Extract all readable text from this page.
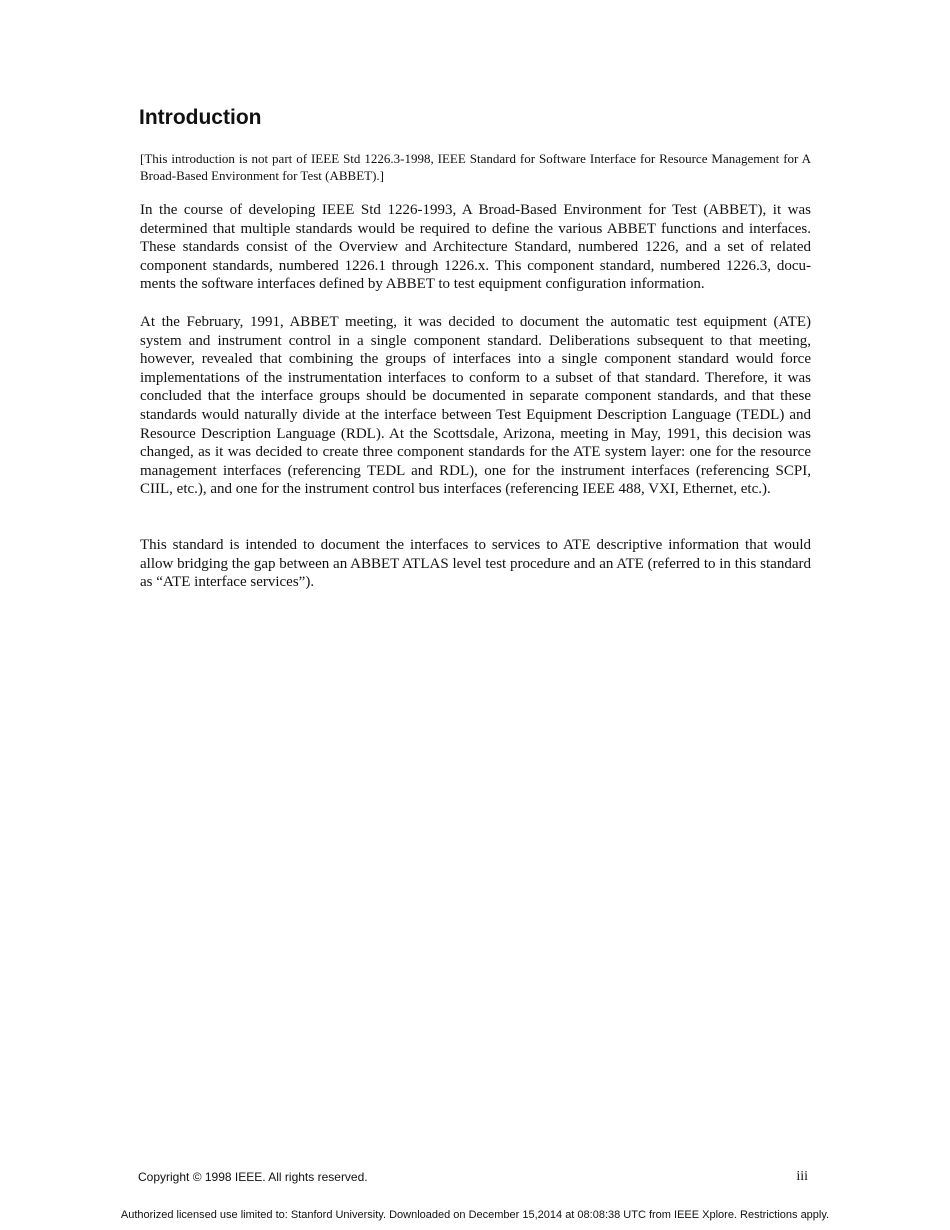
Introduction

[This introduction is not part of IEEE Std 1226.3-1998, IEEE Standard for Software Interface for Resource Management for A Broad-Based Environment for Test (ABBET).]

In the course of developing IEEE Std 1226-1993, A Broad-Based Environment for Test (ABBET), it was determined that multiple standards would be required to define the various ABBET functions and interfaces. These standards consist of the Overview and Architecture Standard, numbered 1226, and a set of related component standards, numbered 1226.1 through 1226.x. This component standard, numbered 1226.3, documents the software interfaces defined by ABBET to test equipment configuration information.

At the February, 1991, ABBET meeting, it was decided to document the automatic test equipment (ATE) system and instrument control in a single component standard. Deliberations subsequent to that meeting, however, revealed that combining the groups of interfaces into a single component standard would force implementations of the instrumentation interfaces to conform to a subset of that standard. Therefore, it was concluded that the interface groups should be documented in separate component standards, and that these standards would naturally divide at the interface between Test Equipment Description Language (TEDL) and Resource Description Language (RDL). At the Scottsdale, Arizona, meeting in May, 1991, this decision was changed, as it was decided to create three component standards for the ATE system layer: one for the resource management interfaces (referencing TEDL and RDL), one for the instrument interfaces (referencing SCPI, CIIL, etc.), and one for the instrument control bus interfaces (referencing IEEE 488, VXI, Ethernet, etc.).

This standard is intended to document the interfaces to services to ATE descriptive information that would allow bridging the gap between an ABBET ATLAS level test procedure and an ATE (referred to in this standard as “ATE interface services”).

Copyright © 1998 IEEE. All rights reserved.	iii

Authorized licensed use limited to: Stanford University. Downloaded on December 15,2014 at 08:08:38 UTC from IEEE Xplore. Restrictions apply.
